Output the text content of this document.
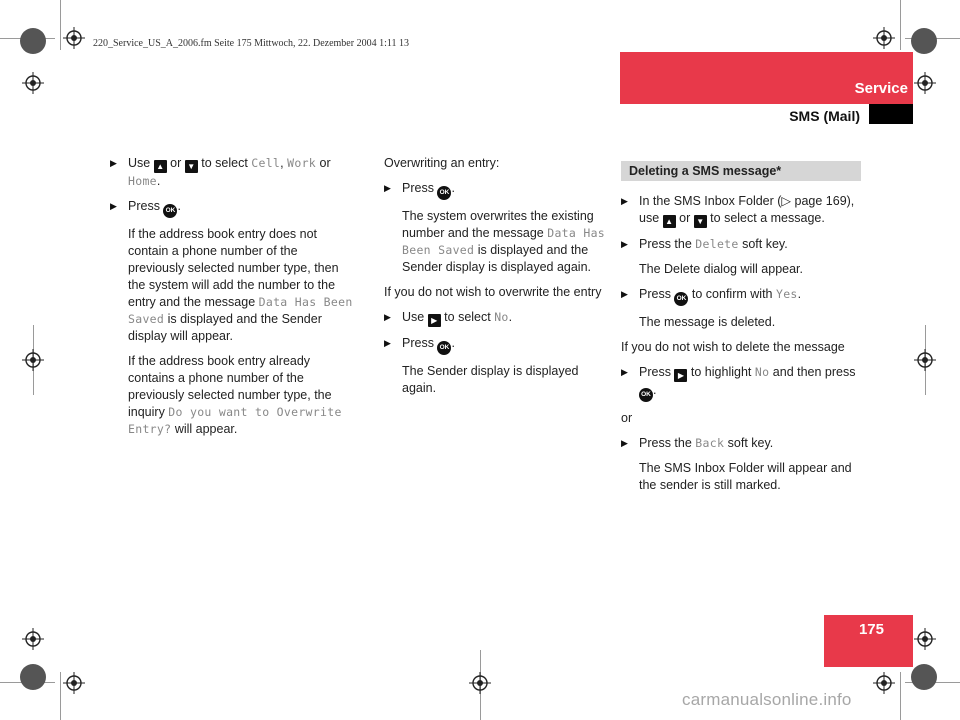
220_Service_US_A_2006.fm Seite 175 Mittwoch, 22. Dezember 2004 1:11 13
Service
SMS (Mail)
▶ Use ▲ or ▼ to select Cell, Work or Home.
▶ Press OK .
If the address book entry does not contain a phone number of the previously selected number type, then the system will add the number to the entry and the message Data Has Been Saved is displayed and the Sender display will appear.
If the address book entry already contains a phone number of the previously selected number type, the inquiry Do you want to Overwrite Entry? will appear.
Overwriting an entry:
▶ Press OK .
The system overwrites the existing number and the message Data Has Been Saved is displayed and the Sender display is displayed again.
If you do not wish to overwrite the entry
▶ Use ▶ to select No.
▶ Press OK .
The Sender display is displayed again.
Deleting a SMS message*
▶ In the SMS Inbox Folder (▷ page 169), use ▲ or ▼ to select a message.
▶ Press the Delete soft key.
The Delete dialog will appear.
▶ Press OK to confirm with Yes.
The message is deleted.
If you do not wish to delete the message
▶ Press ▶ to highlight No and then press OK .
or
▶ Press the Back soft key.
The SMS Inbox Folder will appear and the sender is still marked.
175
carmanualsonline.info
